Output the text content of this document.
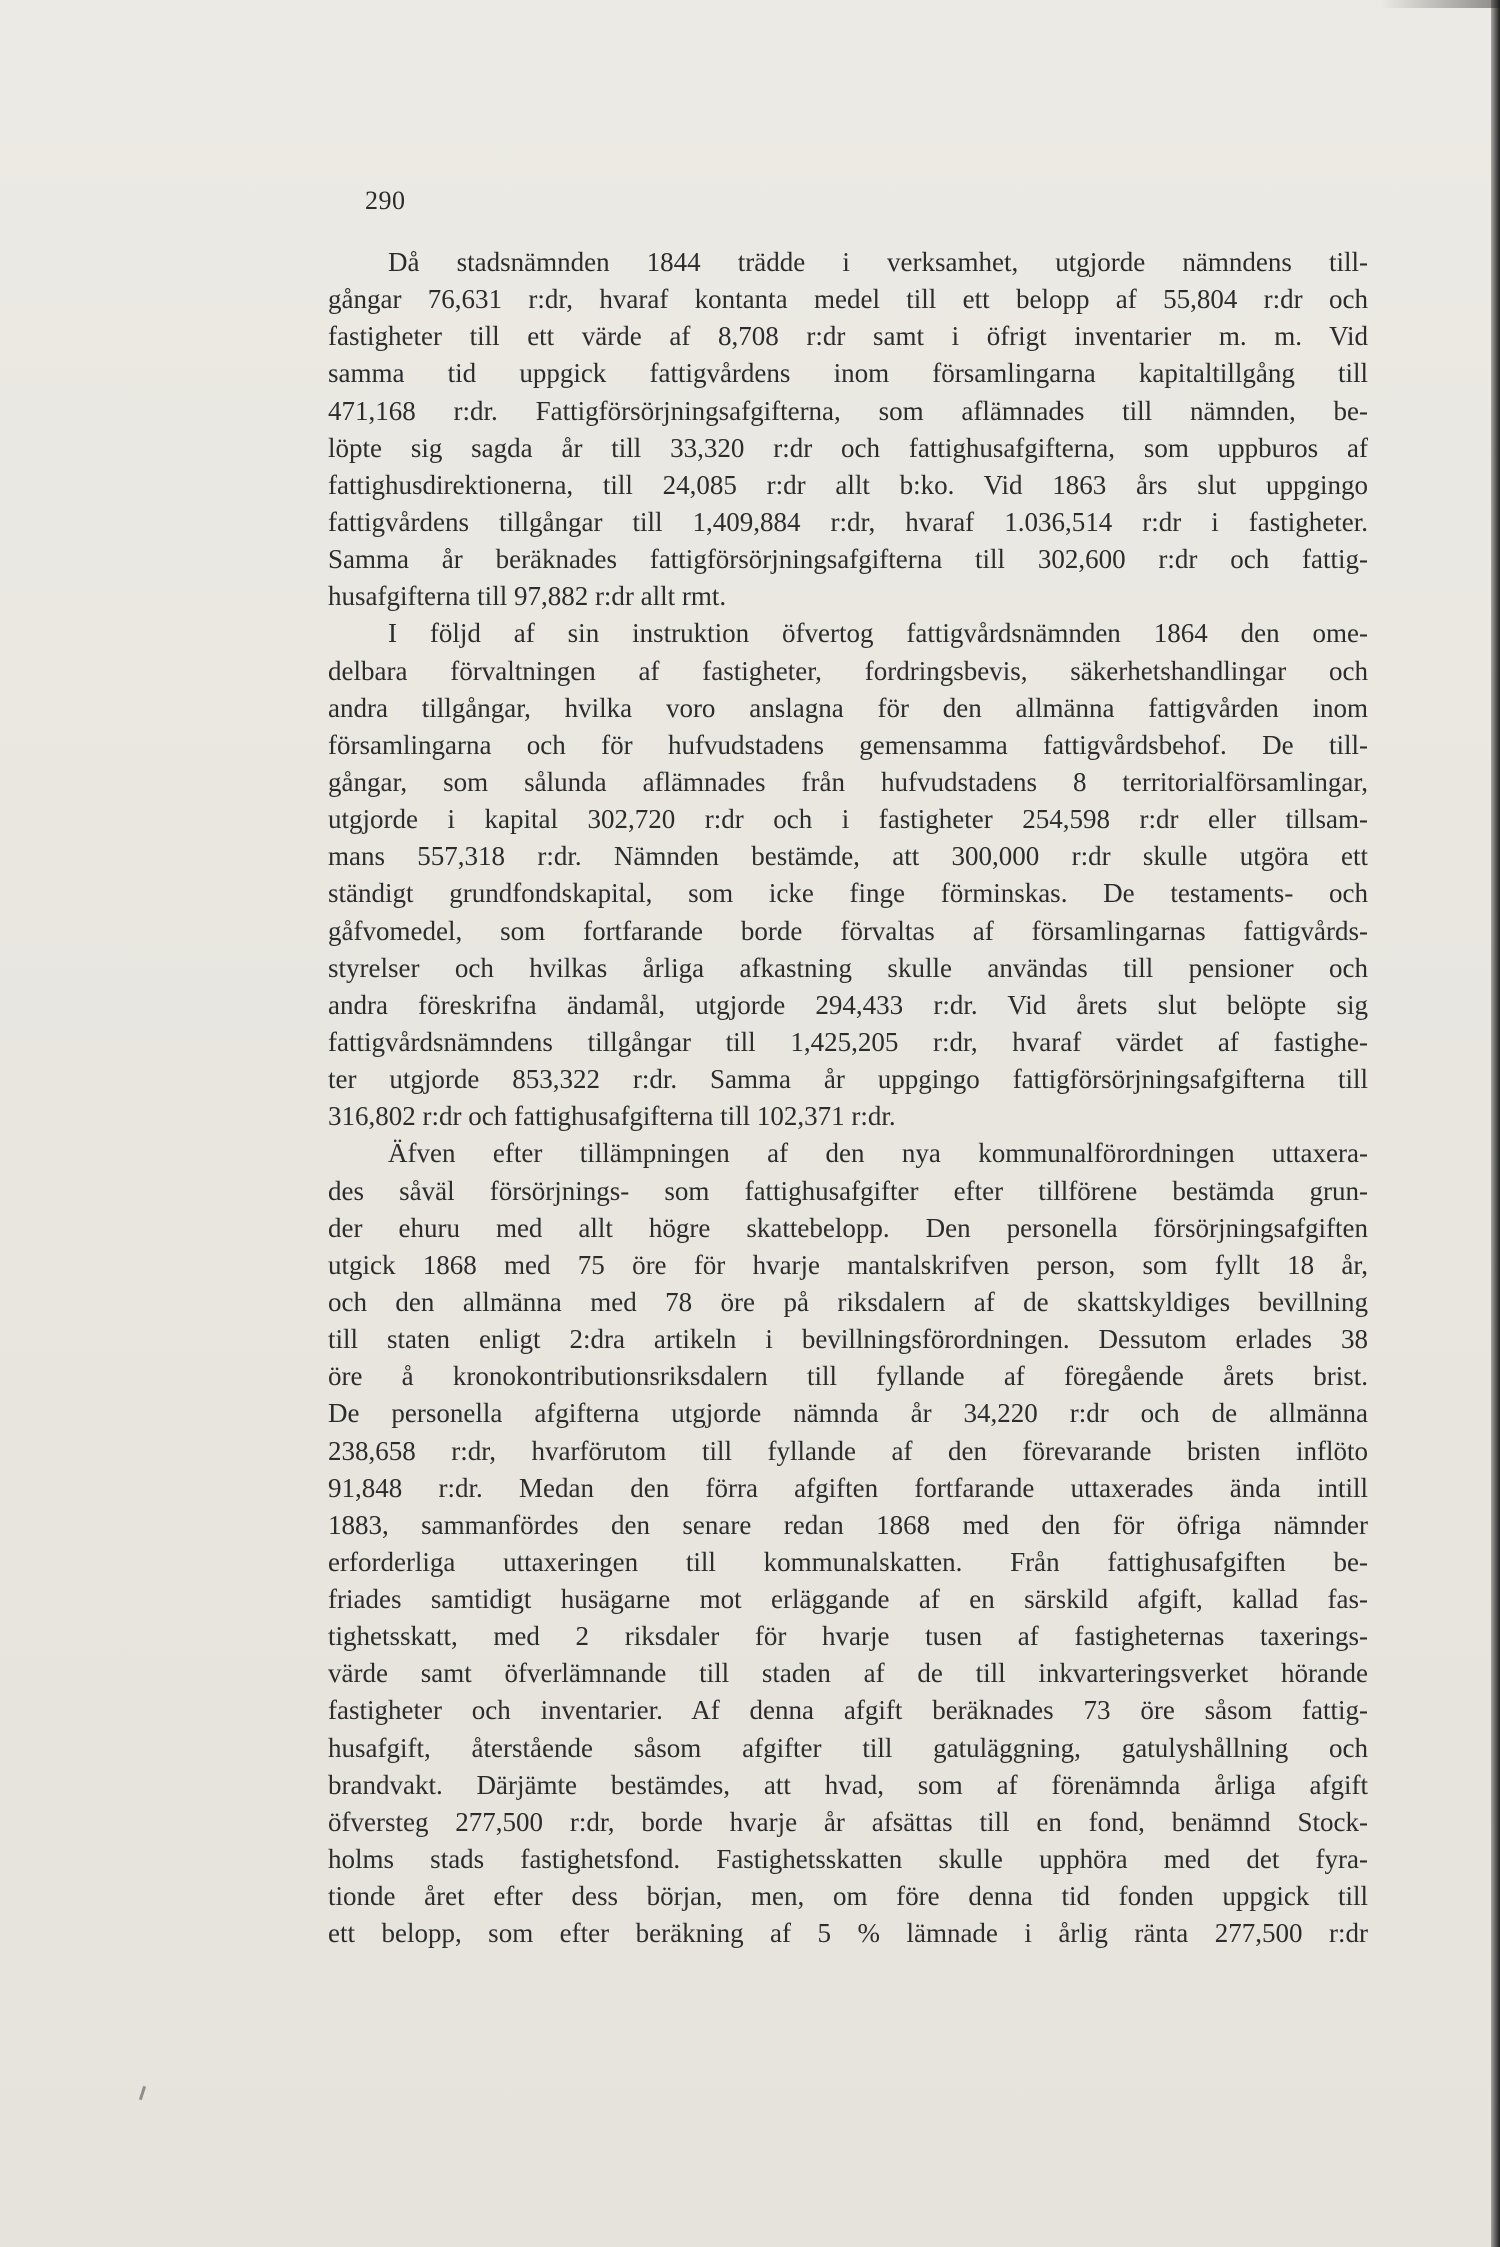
290
Då stadsnämnden 1844 trädde i verksamhet, utgjorde nämndens till-
gångar 76,631 r:dr, hvaraf kontanta medel till ett belopp af 55,804 r:dr och
fastigheter till ett värde af 8,708 r:dr samt i öfrigt inventarier m. m. Vid
samma tid uppgick fattigvårdens inom församlingarna kapitaltillgång till
471,168 r:dr. Fattigförsörjningsafgifterna, som aflämnades till nämnden, be-
löpte sig sagda år till 33,320 r:dr och fattighusafgifterna, som uppburos af
fattighusdirektionerna, till 24,085 r:dr allt b:ko. Vid 1863 års slut uppgingo
fattigvårdens tillgångar till 1,409,884 r:dr, hvaraf 1.036,514 r:dr i fastigheter.
Samma år beräknades fattigförsörjningsafgifterna till 302,600 r:dr och fattig-
husafgifterna till 97,882 r:dr allt rmt.
I följd af sin instruktion öfvertog fattigvårdsnämnden 1864 den ome-
delbara förvaltningen af fastigheter, fordringsbevis, säkerhetshandlingar och
andra tillgångar, hvilka voro anslagna för den allmänna fattigvården inom
församlingarna och för hufvudstadens gemensamma fattigvårdsbehof. De till-
gångar, som sålunda aflämnades från hufvudstadens 8 territorialförsamlingar,
utgjorde i kapital 302,720 r:dr och i fastigheter 254,598 r:dr eller tillsam-
mans 557,318 r:dr. Nämnden bestämde, att 300,000 r:dr skulle utgöra ett
ständigt grundfondskapital, som icke finge förminskas. De testaments- och
gåfvomedel, som fortfarande borde förvaltas af församlingarnas fattigvårds-
styrelser och hvilkas årliga afkastning skulle användas till pensioner och
andra föreskrifna ändamål, utgjorde 294,433 r:dr. Vid årets slut belöpte sig
fattigvårdsnämndens tillgångar till 1,425,205 r:dr, hvaraf värdet af fastighe-
ter utgjorde 853,322 r:dr. Samma år uppgingo fattigförsörjningsafgifterna till
316,802 r:dr och fattighusafgifterna till 102,371 r:dr.
Äfven efter tillämpningen af den nya kommunalförordningen uttaxera-
des såväl försörjnings- som fattighusafgifter efter tillförene bestämda grun-
der ehuru med allt högre skattebelopp. Den personella försörjningsafgiften
utgick 1868 med 75 öre för hvarje mantalskrifven person, som fyllt 18 år,
och den allmänna med 78 öre på riksdalern af de skattskyldiges bevillning
till staten enligt 2:dra artikeln i bevillningsförordningen. Dessutom erlades 38
öre å kronokontributionsriksdalern till fyllande af föregående årets brist.
De personella afgifterna utgjorde nämnda år 34,220 r:dr och de allmänna
238,658 r:dr, hvarförutom till fyllande af den förevarande bristen inflöto
91,848 r:dr. Medan den förra afgiften fortfarande uttaxerades ända intill
1883, sammanfördes den senare redan 1868 med den för öfriga nämnder
erforderliga uttaxeringen till kommunalskatten. Från fattighusafgiften be-
friades samtidigt husägarne mot erläggande af en särskild afgift, kallad fas-
tighetsskatt, med 2 riksdaler för hvarje tusen af fastigheternas taxerings-
värde samt öfverlämnande till staden af de till inkvarteringsverket hörande
fastigheter och inventarier. Af denna afgift beräknades 73 öre såsom fattig-
husafgift, återstående såsom afgifter till gatuläggning, gatulyshållning och
brandvakt. Därjämte bestämdes, att hvad, som af förenämnda årliga afgift
öfversteg 277,500 r:dr, borde hvarje år afsättas till en fond, benämnd Stock-
holms stads fastighetsfond. Fastighetsskatten skulle upphöra med det fyra-
tionde året efter dess början, men, om före denna tid fonden uppgick till
ett belopp, som efter beräkning af 5 % lämnade i årlig ränta 277,500 r:dr
